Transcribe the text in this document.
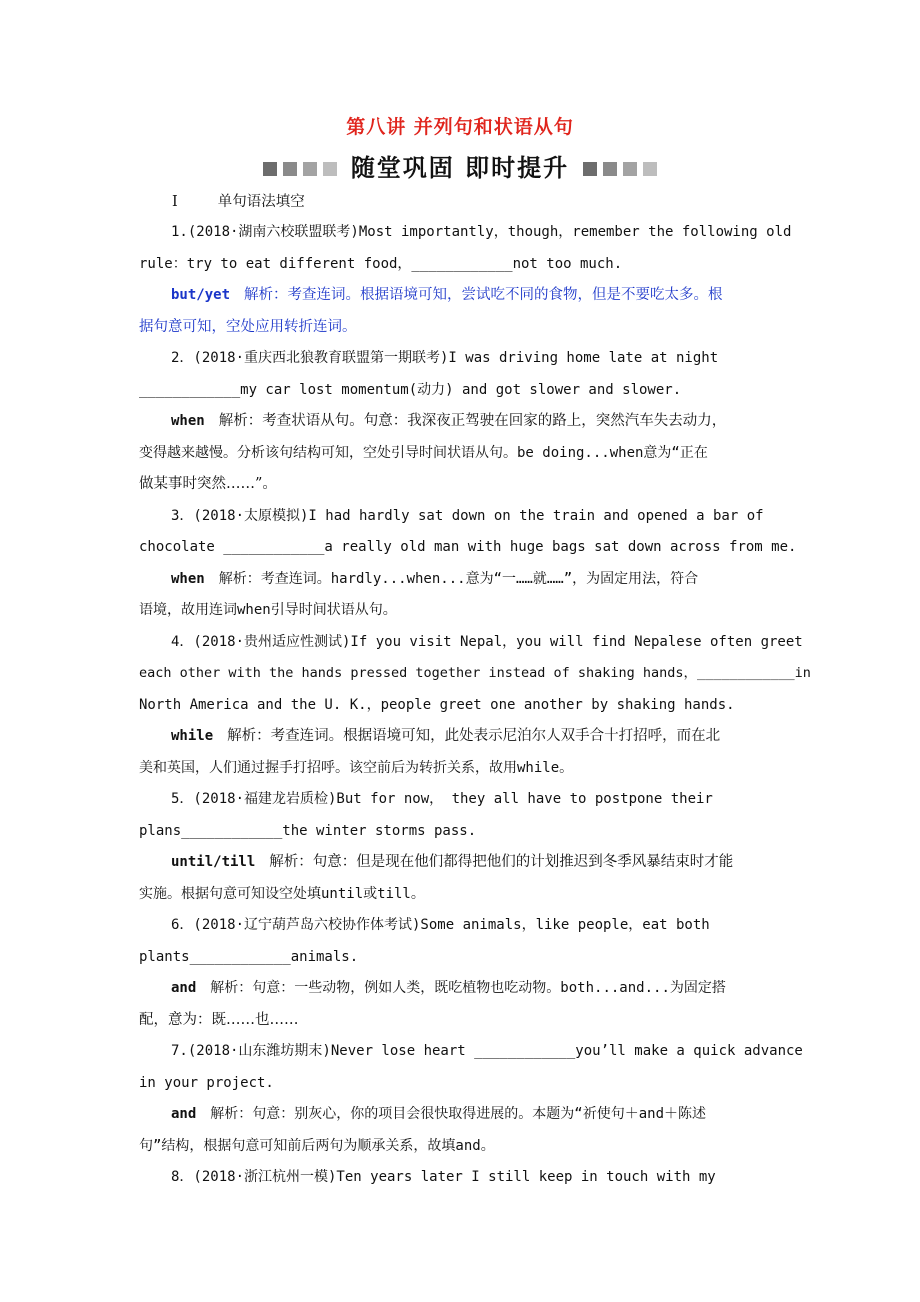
第八讲 并列句和状语从句
随堂巩固 即时提升
Ⅰ	单句语法填空
1.(2018·湖南六校联盟联考)Most importantly，though，remember the following old
rule：try to eat different food，____________not too much.
but/yet 解析：考查连词。根据语境可知，尝试吃不同的食物，但是不要吃太多。根
据句意可知，空处应用转折连词。
2．(2018·重庆西北狼教育联盟第一期联考)I was driving home late at night
____________my car lost momentum(动力) and got slower and slower.
when 解析：考查状语从句。句意：我深夜正驾驶在回家的路上，突然汽车失去动力，
变得越来越慢。分析该句结构可知，空处引导时间状语从句。be doing...when意为“正在
做某事时突然……”。
3．(2018·太原模拟)I had hardly sat down on the train and opened a bar of
chocolate ____________a really old man with huge bags sat down across from me.
when 解析：考查连词。hardly...when...意为“一……就……”，为固定用法，符合
语境，故用连词when引导时间状语从句。
4．(2018·贵州适应性测试)If you visit Nepal，you will find Nepalese often greet
each other with the hands pressed together instead of shaking hands，____________in
North America and the U. K.，people greet one another by shaking hands.
while 解析：考查连词。根据语境可知，此处表示尼泊尔人双手合十打招呼，而在北
美和英国，人们通过握手打招呼。该空前后为转折关系，故用while。
5．(2018·福建龙岩质检)But for now， they all have to postpone their
plans____________the winter storms pass.
until/till 解析：句意：但是现在他们都得把他们的计划推迟到冬季风暴结束时才能
实施。根据句意可知设空处填until或till。
6．(2018·辽宁葫芦岛六校协作体考试)Some animals，like people，eat both
plants____________animals.
and 解析：句意：一些动物，例如人类，既吃植物也吃动物。both...and...为固定搭
配，意为：既……也……
7.(2018·山东潍坊期末)Never lose heart ____________you’ll make a quick advance
in your project.
and 解析：句意：别灰心，你的项目会很快取得进展的。本题为“祈使句＋and＋陈述
句”结构，根据句意可知前后两句为顺承关系，故填and。
8．(2018·浙江杭州一模)Ten years later I still keep in touch with my
